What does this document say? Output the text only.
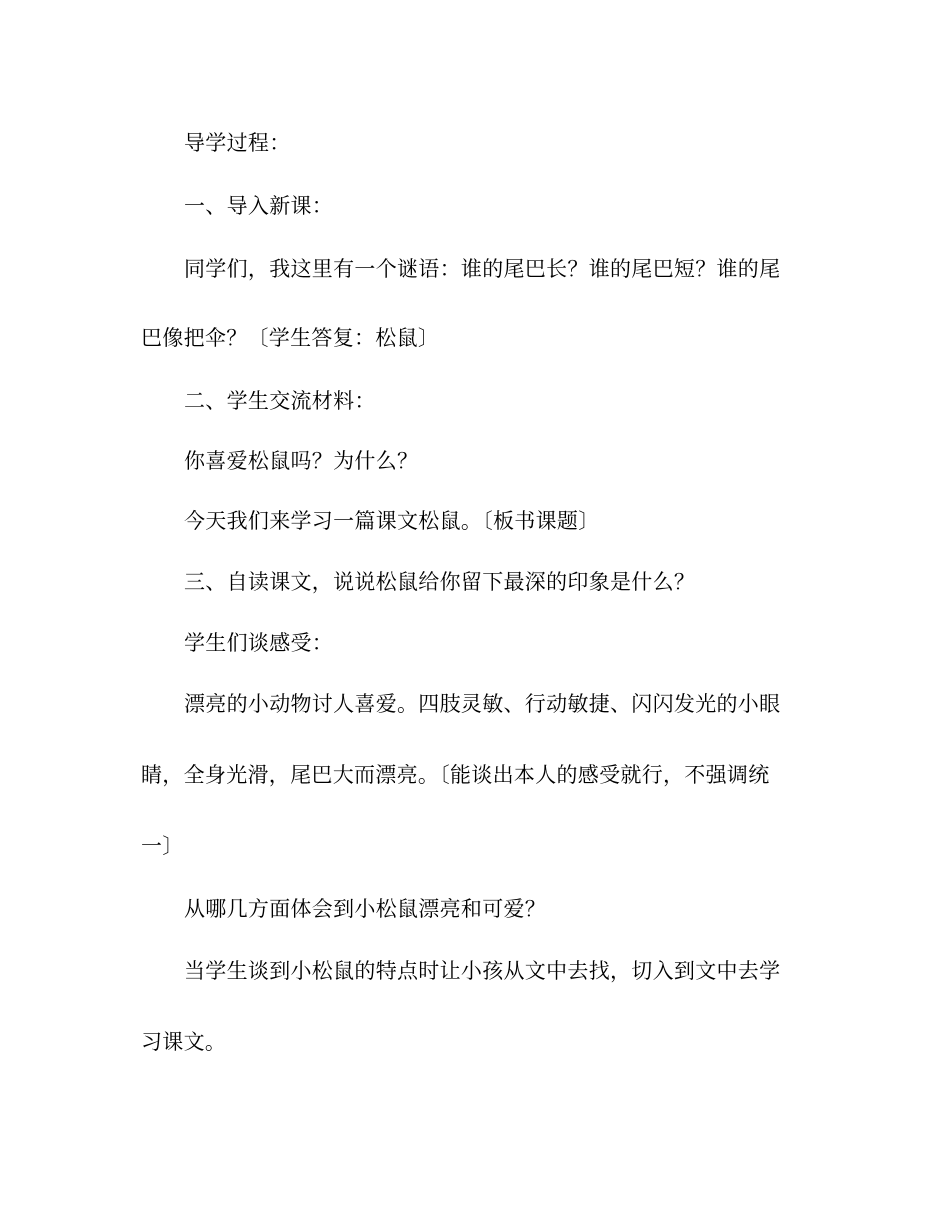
导学过程：
一、导入新课：
同学们，我这里有一个谜语：谁的尾巴长？谁的尾巴短？谁的尾
巴像把伞？〔学生答复：松鼠〕
二、学生交流材料：
你喜爱松鼠吗？为什么？
今天我们来学习一篇课文松鼠。〔板书课题〕
三、自读课文，说说松鼠给你留下最深的印象是什么？
学生们谈感受：
漂亮的小动物讨人喜爱。四肢灵敏、行动敏捷、闪闪发光的小眼
睛，全身光滑，尾巴大而漂亮。〔能谈出本人的感受就行，不强调统
一〕
从哪几方面体会到小松鼠漂亮和可爱？
当学生谈到小松鼠的特点时让小孩从文中去找，切入到文中去学
习课文。
